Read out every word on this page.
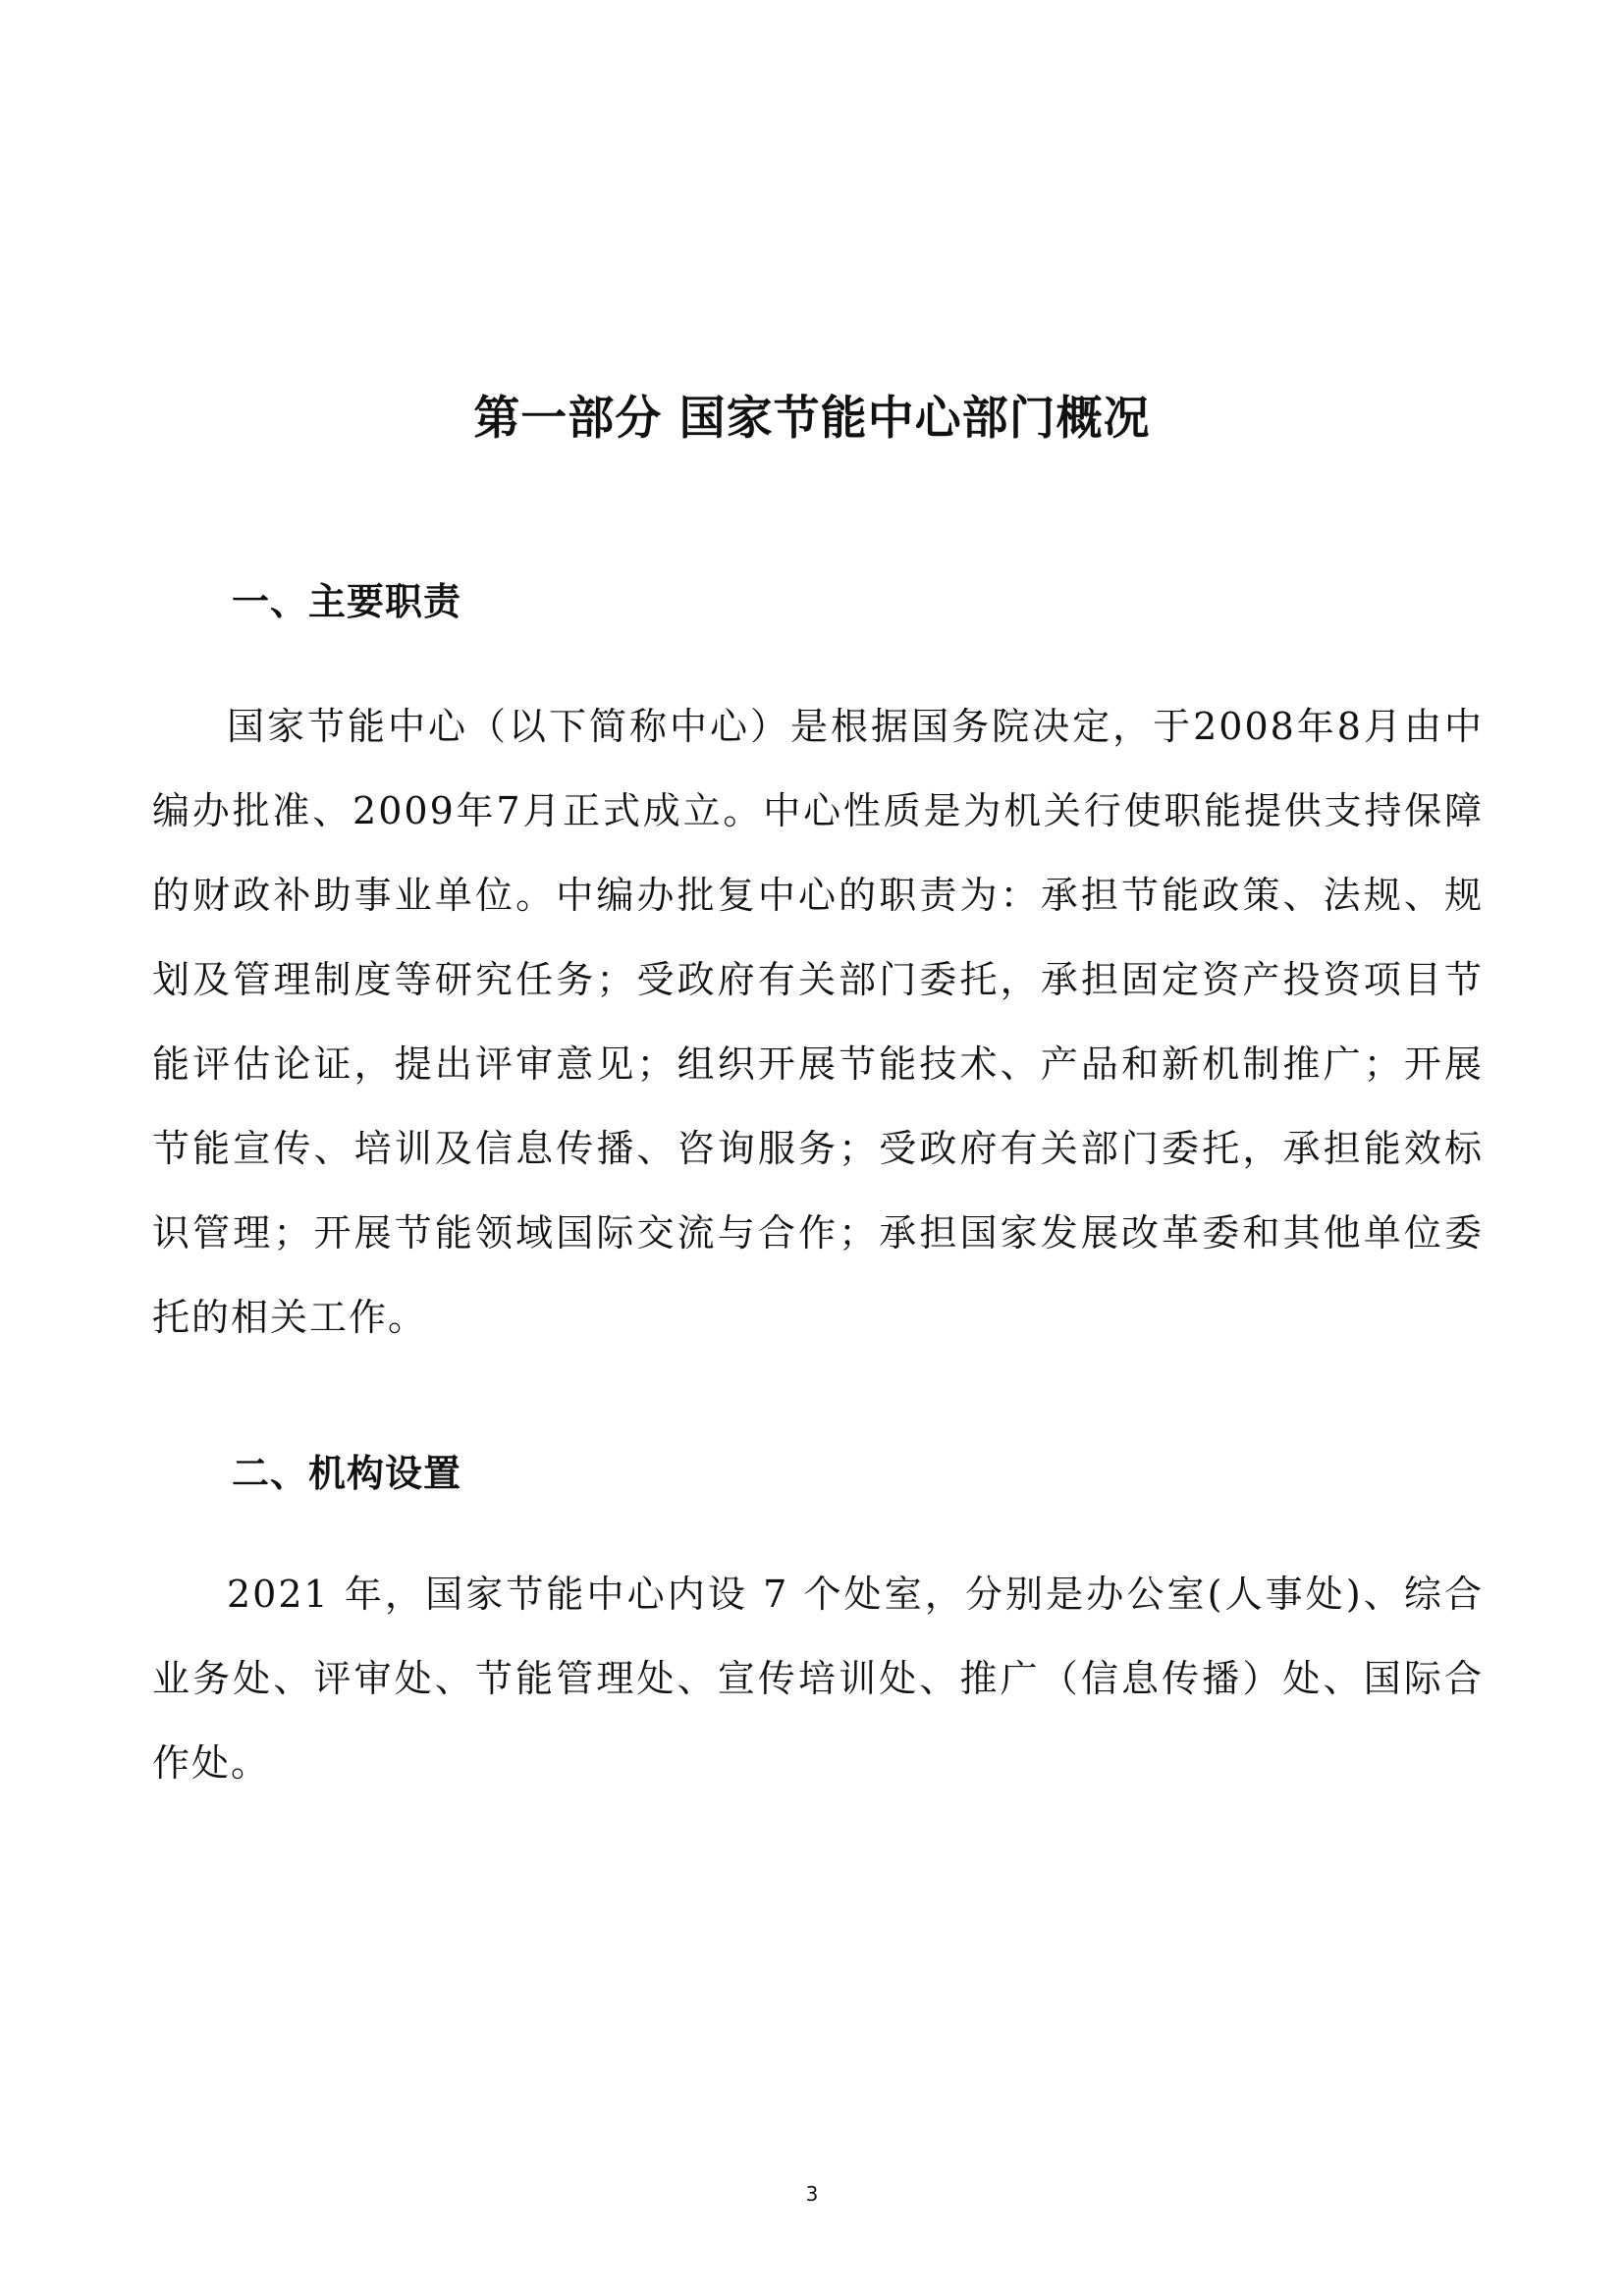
第一部分 国家节能中心部门概况
一、主要职责

国家节能中心（以下简称中心）是根据国务院决定，于2008年8月由中编办批准、2009年7月正式成立。中心性质是为机关行使职能提供支持保障的财政补助事业单位。中编办批复中心的职责为：承担节能政策、法规、规划及管理制度等研究任务；受政府有关部门委托，承担固定资产投资项目节能评估论证，提出评审意见；组织开展节能技术、产品和新机制推广；开展节能宣传、培训及信息传播、咨询服务；受政府有关部门委托，承担能效标识管理；开展节能领域国际交流与合作；承担国家发展改革委和其他单位委托的相关工作。

二、机构设置

2021 年，国家节能中心内设 7 个处室，分别是办公室(人事处)、综合业务处、评审处、节能管理处、宣传培训处、推广（信息传播）处、国际合作处。

3
